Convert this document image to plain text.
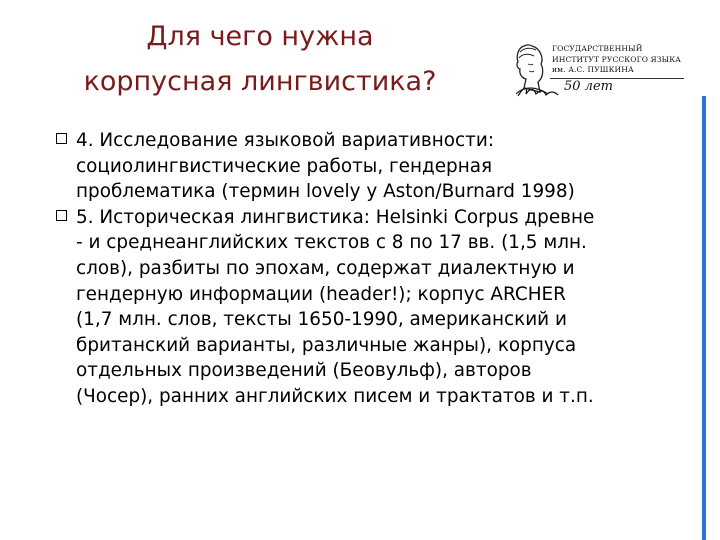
Для чего нужна
корпусная лингвистика?
ГОСУДАРСТВЕННЫЙ
ИНСТИТУТ РУССКОГО ЯЗЫКА
им. А.С. ПУШКИНА
50 лет
4. Исследование языковой вариативности:
социолингвистические работы, гендерная
проблематика (термин lovely у Aston/Burnard 1998)
5. Историческая лингвистика: Helsinki Corpus древне
- и среднеанглийских текстов с 8 по 17 вв. (1,5 млн.
слов), разбиты по эпохам, содержат диалектную и
гендерную информации (header!); корпус ARCHER
(1,7 млн. слов, тексты 1650-1990, американский и
британский варианты, различные жанры), корпуса
отдельных произведений (Беовульф), авторов
(Чосер), ранних английских писем и трактатов и т.п.
